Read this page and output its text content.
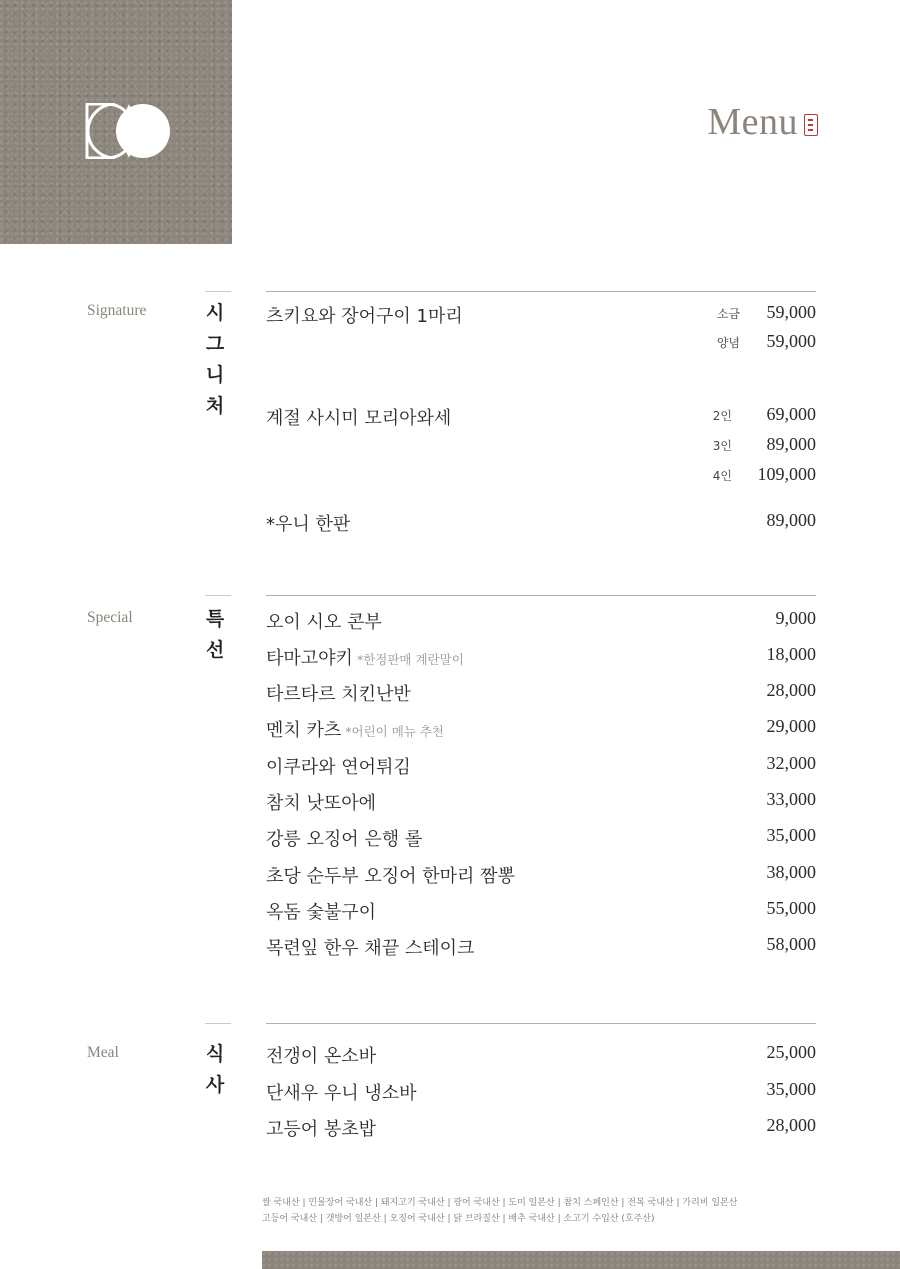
Menu
Signature	시
그
니
처
츠키요와 장어구이 1마리	소금 59,000
양념 59,000
계절 사시미 모리아와세	2인 69,000
3인 89,000
4인 109,000
*우니 한판	89,000
Special	특
선
오이 시오 콘부	9,000
타마고야키 *한정판매 계란말이	18,000
타르타르 치킨난반	28,000
멘치 카츠 *어린이 메뉴 추천	29,000
이쿠라와 연어튀김	32,000
참치 낫또아에	33,000
강릉 오징어 은행 롤	35,000
초당 순두부 오징어 한마리 짬뽕	38,000
옥돔 숯불구이	55,000
목련잎 한우 채끝 스테이크	58,000
Meal	식
사
전갱이 온소바	25,000
단새우 우니 냉소바	35,000
고등어 봉초밥	28,000
쌀 국내산 | 민물장어 국내산 | 돼지고기 국내산 | 광어 국내산 | 도미 일본산 | 참치 스페인산 | 전복 국내산 | 가리비 일본산
고등어 국내산 | 갯방어 일본산 | 오징어 국내산 | 닭 브라질산 | 배추 국내산 | 소고기 수입산 (호주산)
